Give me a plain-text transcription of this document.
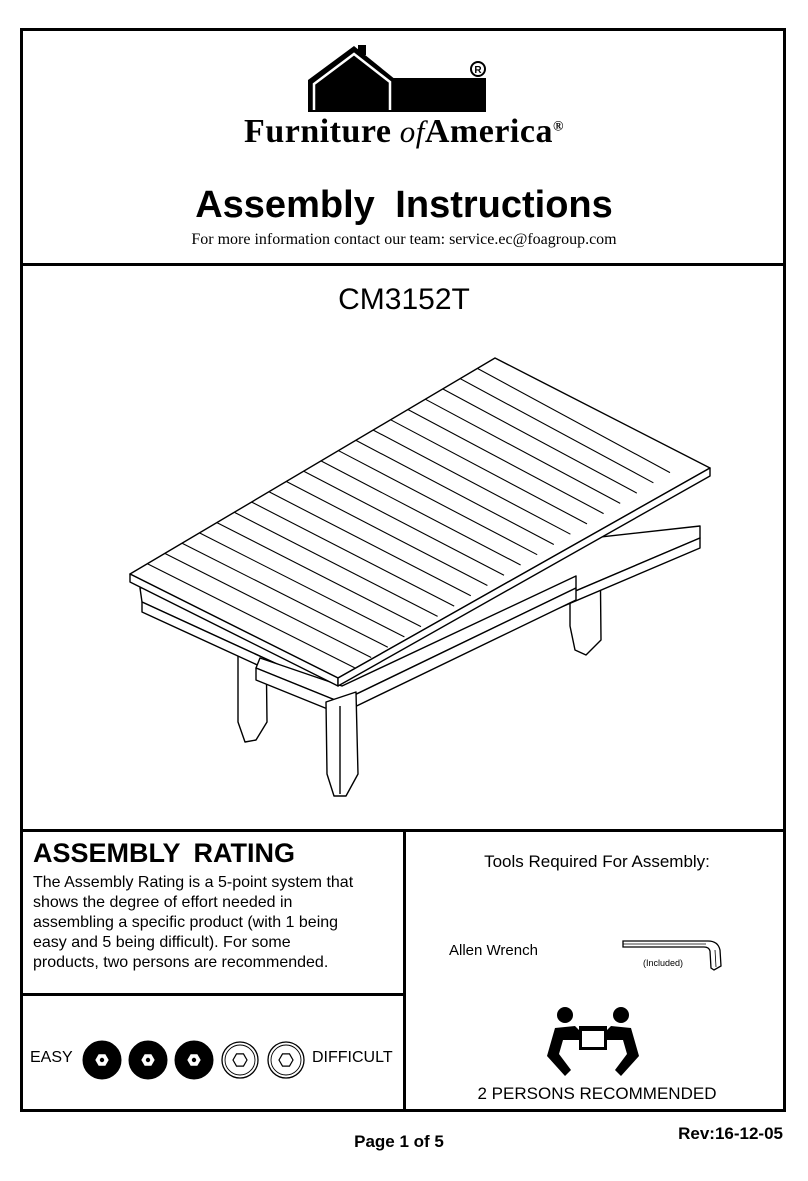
R
Furniture ofAmerica®
Assembly Instructions
For more information contact our team: service.ec@foagroup.com
CM3152T
ASSEMBLY RATING
The Assembly Rating is a 5-point system that
shows the degree of effort needed in
assembling a specific product (with 1 being
easy and 5 being difficult). For some
products, two persons are recommended.
EASY	DIFFICULT
Tools Required For Assembly:
Allen Wrench
(Included)
2 PERSONS RECOMMENDED
Page 1 of 5	Rev:16-12-05
